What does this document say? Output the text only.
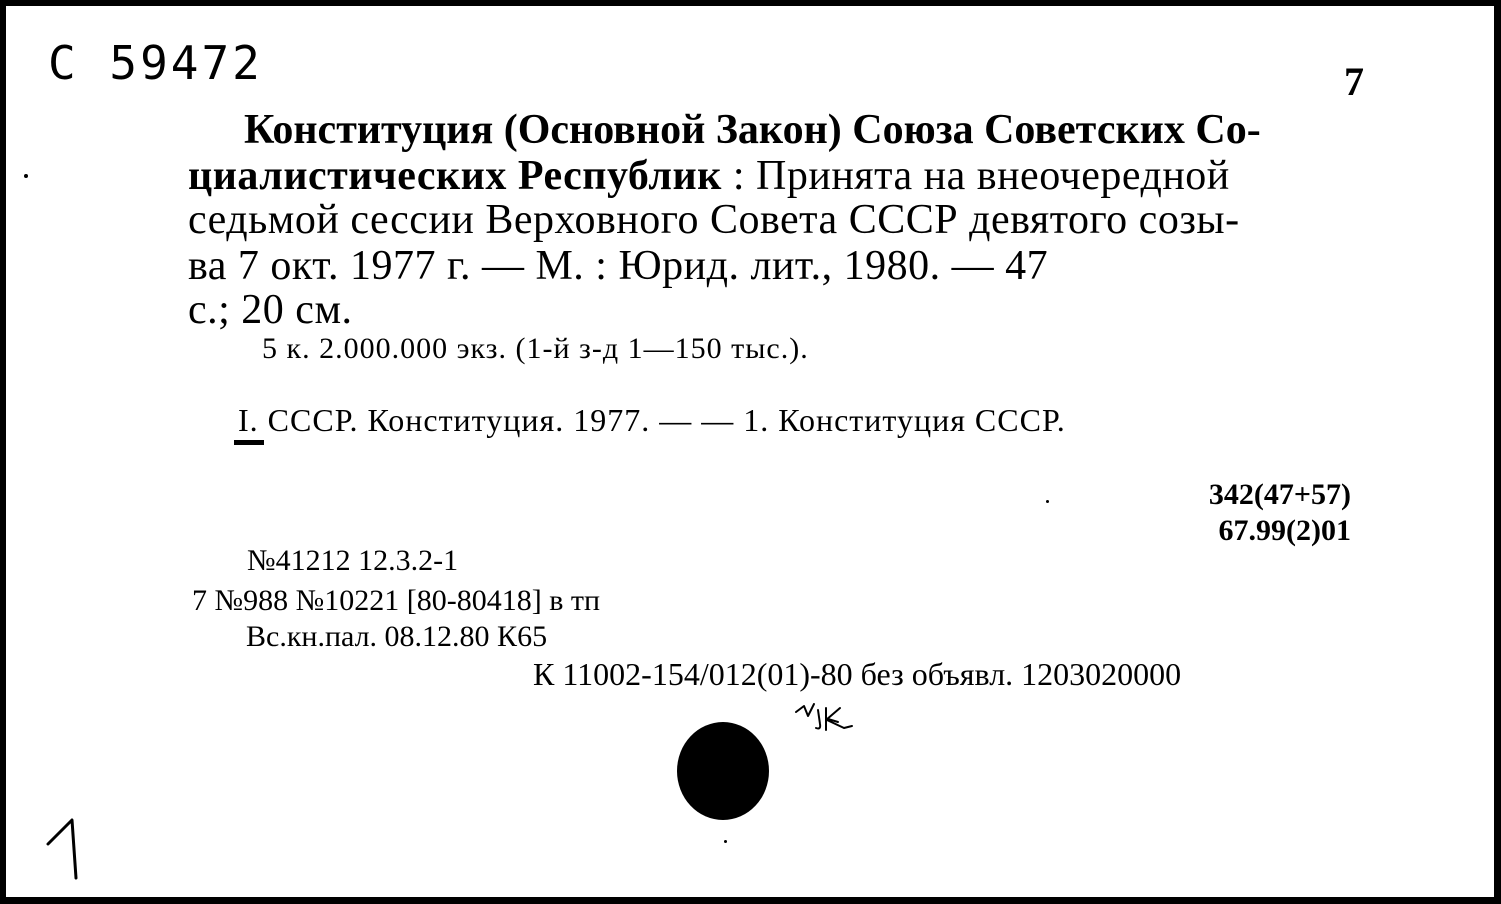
С 59472	7

Конституция (Основной Закон) Союза Советских Со-

циалистических Республик : Принята на внеочередной

седьмой сессии Верховного Совета СССР девятого созы-

ва 7 окт. 1977 г. — М. : Юрид. лит., 1980. — 47

с.; 20 см.

5 к. 2.000.000 экз. (1-й з-д 1—150 тыс.).

I. СССР. Конституция. 1977. — — 1. Конституция СССР.

342(47+57)

67.99(2)01

№41212 12.3.2-1

7 №988 №10221 [80-80418] в тп

Вс.кн.пал. 08.12.80 К65

К 11002-154/012(01)-80 без объявл. 1203020000
